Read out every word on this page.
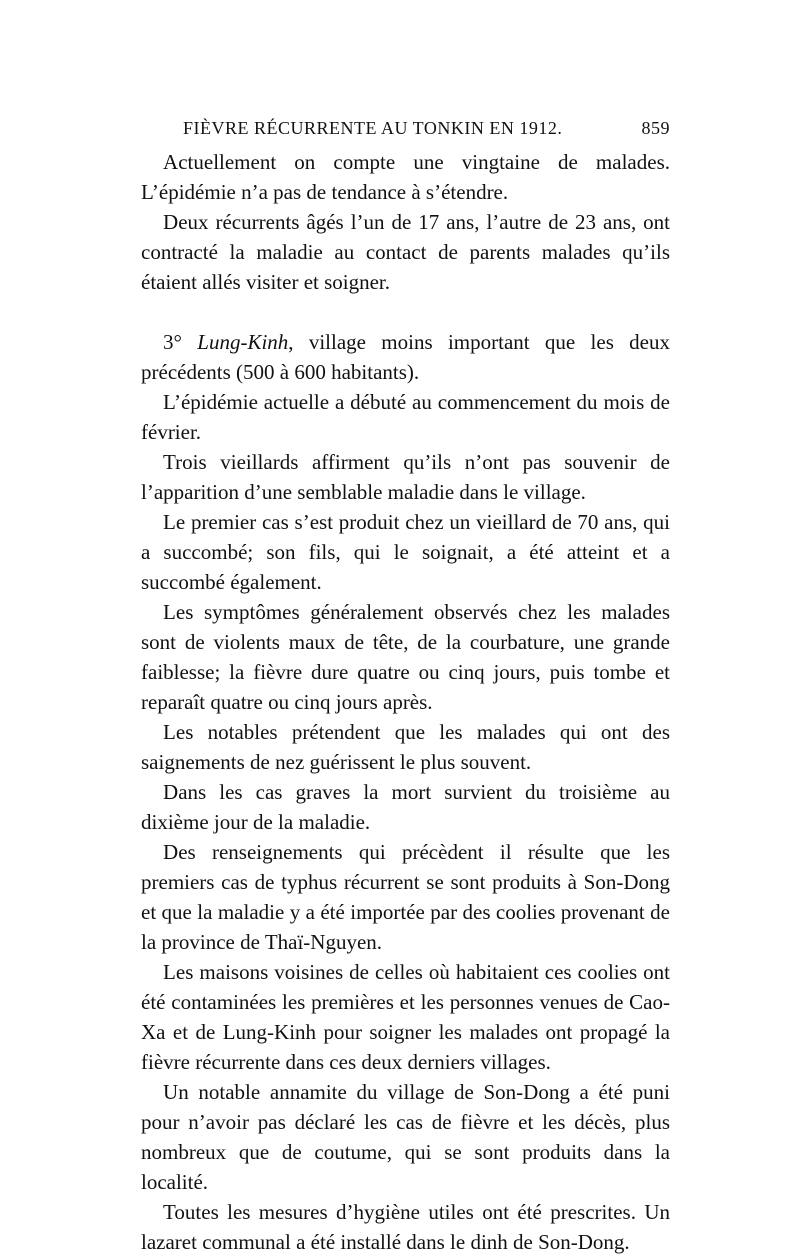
FIÈVRE RÉCURRENTE AU TONKIN EN 1912.	859

Actuellement on compte une vingtaine de malades. L’épidémie n’a pas de tendance à s’étendre.

Deux récurrents âgés l’un de 17 ans, l’autre de 23 ans, ont contracté la maladie au contact de parents malades qu’ils étaient allés visiter et soigner.

3° Lung-Kinh, village moins important que les deux précédents (500 à 600 habitants).

L’épidémie actuelle a débuté au commencement du mois de février.

Trois vieillards affirment qu’ils n’ont pas souvenir de l’apparition d’une semblable maladie dans le village.

Le premier cas s’est produit chez un vieillard de 70 ans, qui a succombé; son fils, qui le soignait, a été atteint et a succombé également.

Les symptômes généralement observés chez les malades sont de violents maux de tête, de la courbature, une grande faiblesse; la fièvre dure quatre ou cinq jours, puis tombe et reparaît quatre ou cinq jours après.

Les notables prétendent que les malades qui ont des saignements de nez guérissent le plus souvent.

Dans les cas graves la mort survient du troisième au dixième jour de la maladie.

Des renseignements qui précèdent il résulte que les premiers cas de typhus récurrent se sont produits à Son-Dong et que la maladie y a été importée par des coolies provenant de la province de Thaï-Nguyen.

Les maisons voisines de celles où habitaient ces coolies ont été contaminées les premières et les personnes venues de Cao-Xa et de Lung-Kinh pour soigner les malades ont propagé la fièvre récurrente dans ces deux derniers villages.

Un notable annamite du village de Son-Dong a été puni pour n’avoir pas déclaré les cas de fièvre et les décès, plus nombreux que de coutume, qui se sont produits dans la localité.

Toutes les mesures d’hygiène utiles ont été prescrites. Un lazaret communal a été installé dans le dinh de Son-Dong.
